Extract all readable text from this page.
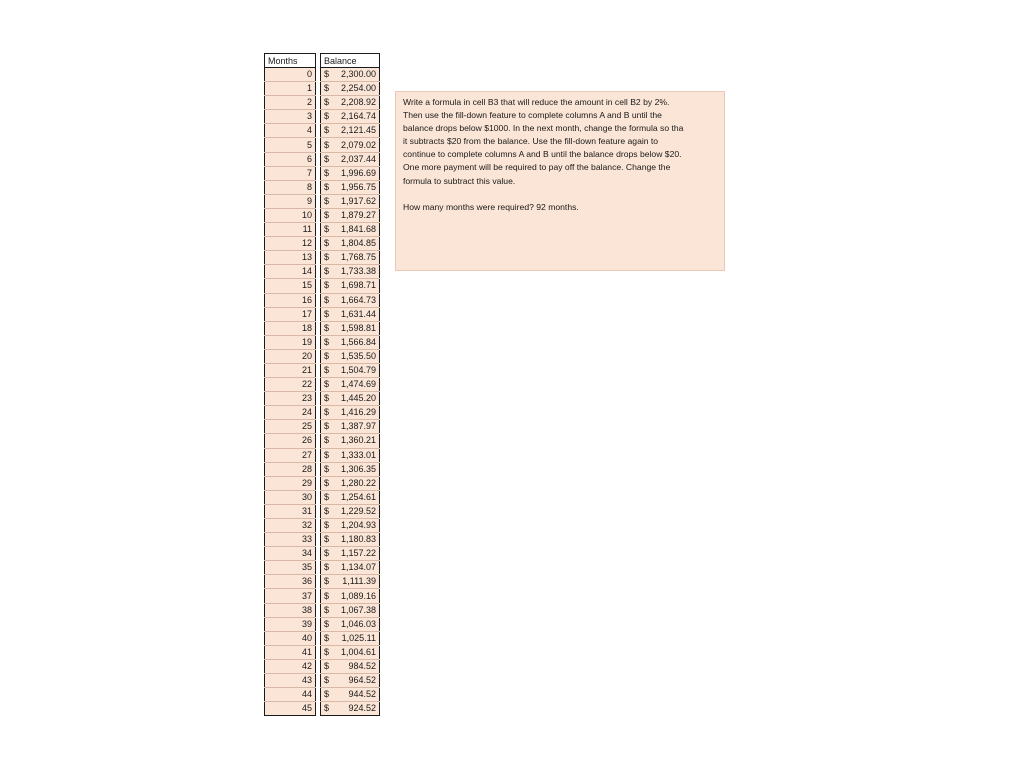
Months		Balance
0		$ 2,300.00

1		$ 2,254.00

2		$ 2,208.92

3		$ 2,164.74

4		$ 2,121.45

5		$ 2,079.02

6		$ 2,037.44

7		$ 1,996.69

8		$ 1,956.75

9		$ 1,917.62

10		$ 1,879.27

11		$ 1,841.68

12		$ 1,804.85

13		$ 1,768.75

14		$ 1,733.38

15		$ 1,698.71

16		$ 1,664.73

17		$ 1,631.44

18		$ 1,598.81

19		$ 1,566.84

20		$ 1,535.50

21		$ 1,504.79

22		$ 1,474.69

23		$ 1,445.20

24		$ 1,416.29

25		$ 1,387.97

26		$ 1,360.21

27		$ 1,333.01

28		$ 1,306.35

29		$ 1,280.22

30		$ 1,254.61

31		$ 1,229.52

32		$ 1,204.93

33		$ 1,180.83

34		$ 1,157.22

35		$ 1,134.07

36		$ 1,111.39

37		$ 1,089.16

38		$ 1,067.38

39		$ 1,046.03

40		$ 1,025.11

41		$ 1,004.61

42		$ 984.52

43		$ 964.52

44		$ 944.52

45		$ 924.52

Write a formula in cell B3 that will reduce the amount in cell B2 by 2%.

Then use the fill-down feature to complete columns A and B until the

balance drops below $1000. In the next month, change the formula so tha

it subtracts $20 from the balance. Use the fill-down feature again to

continue to complete columns A and B until the balance drops below $20.

One more payment will be required to pay off the balance. Change the

formula to subtract this value.

How many months were required? 92 months.
